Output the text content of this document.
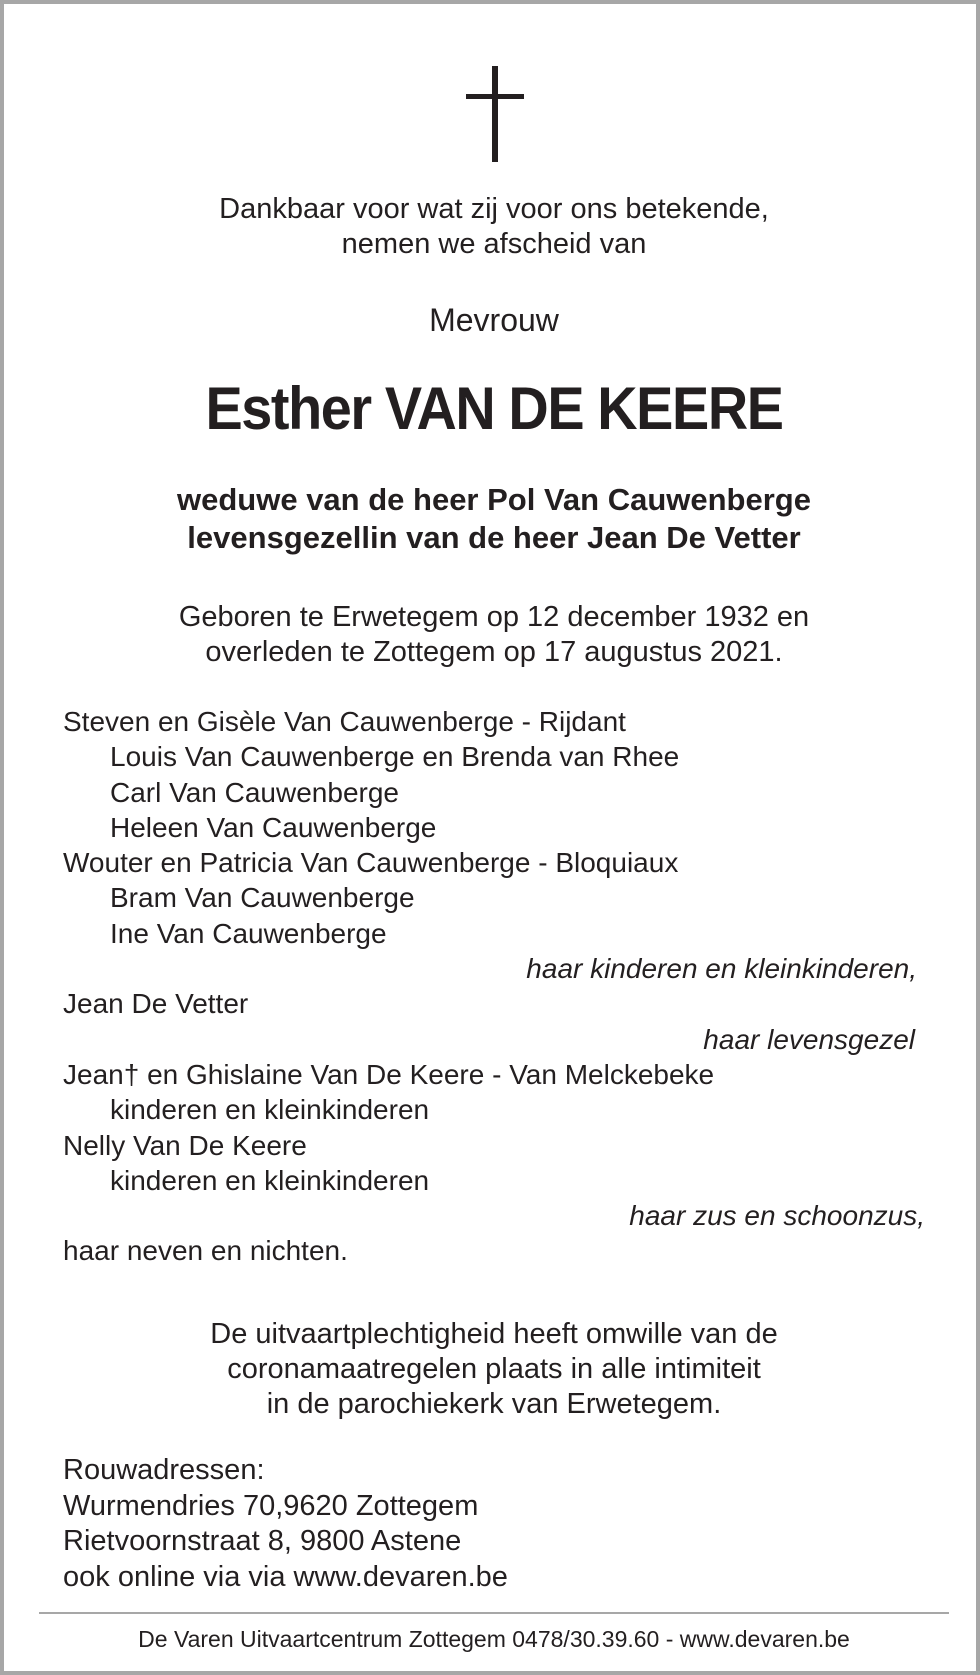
Dankbaar voor wat zij voor ons betekende,
nemen we afscheid van
Mevrouw
Esther VAN DE KEERE
weduwe van de heer Pol Van Cauwenberge
levensgezellin van de heer Jean De Vetter
Geboren te Erwetegem op 12 december 1932 en
overleden te Zottegem op 17 augustus 2021.
Steven en Gisèle Van Cauwenberge - Rijdant
Louis Van Cauwenberge en Brenda van Rhee
Carl Van Cauwenberge
Heleen Van Cauwenberge
Wouter en Patricia Van Cauwenberge - Bloquiaux
Bram Van Cauwenberge
Ine Van Cauwenberge
haar kinderen en kleinkinderen,
Jean De Vetter
haar levensgezel
Jean† en Ghislaine Van De Keere - Van Melckebeke
kinderen en kleinkinderen
Nelly Van De Keere
kinderen en kleinkinderen
haar zus en schoonzus,
haar neven en nichten.
De uitvaartplechtigheid heeft omwille van de
coronamaatregelen plaats in alle intimiteit
in de parochiekerk van Erwetegem.
Rouwadressen:
Wurmendries 70,9620 Zottegem
Rietvoornstraat 8, 9800 Astene
ook online via via www.devaren.be
De Varen Uitvaartcentrum Zottegem 0478/30.39.60 - www.devaren.be
